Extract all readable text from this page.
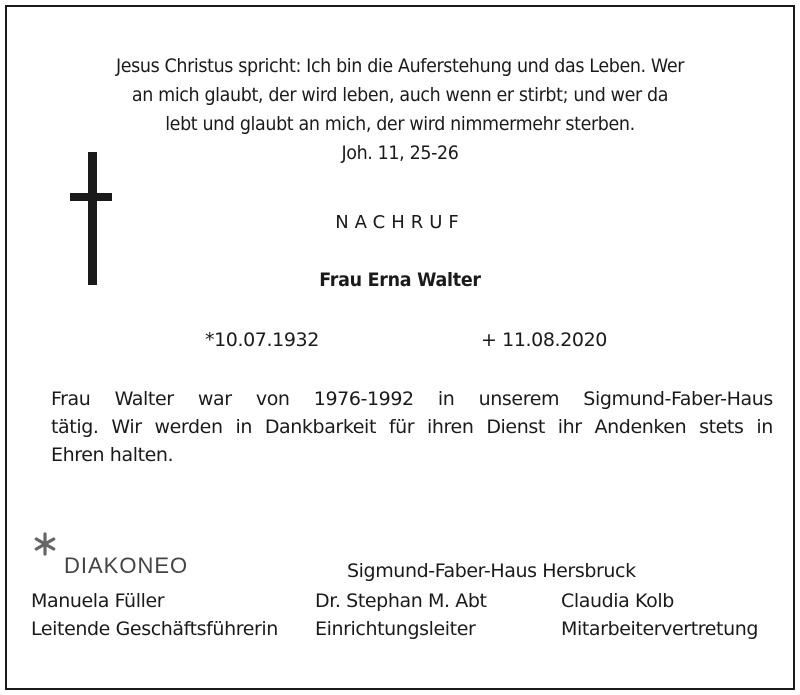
Jesus Christus spricht: Ich bin die Auferstehung und das Leben. Wer
an mich glaubt, der wird leben, auch wenn er stirbt; und wer da
lebt und glaubt an mich, der wird nimmermehr sterben.
Joh. 11, 25-26
NACHRUF
Frau Erna Walter
*10.07.1932	+ 11.08.2020
Frau Walter war von 1976-1992 in unserem Sigmund-Faber-Haus
tätig. Wir werden in Dankbarkeit für ihren Dienst ihr Andenken stets in
Ehren halten.
DIAKONEO	Sigmund-Faber-Haus Hersbruck
Manuela Füller
Leitende Geschäftsführerin
Dr. Stephan M. Abt
Einrichtungsleiter
Claudia Kolb
Mitarbeitervertretung
